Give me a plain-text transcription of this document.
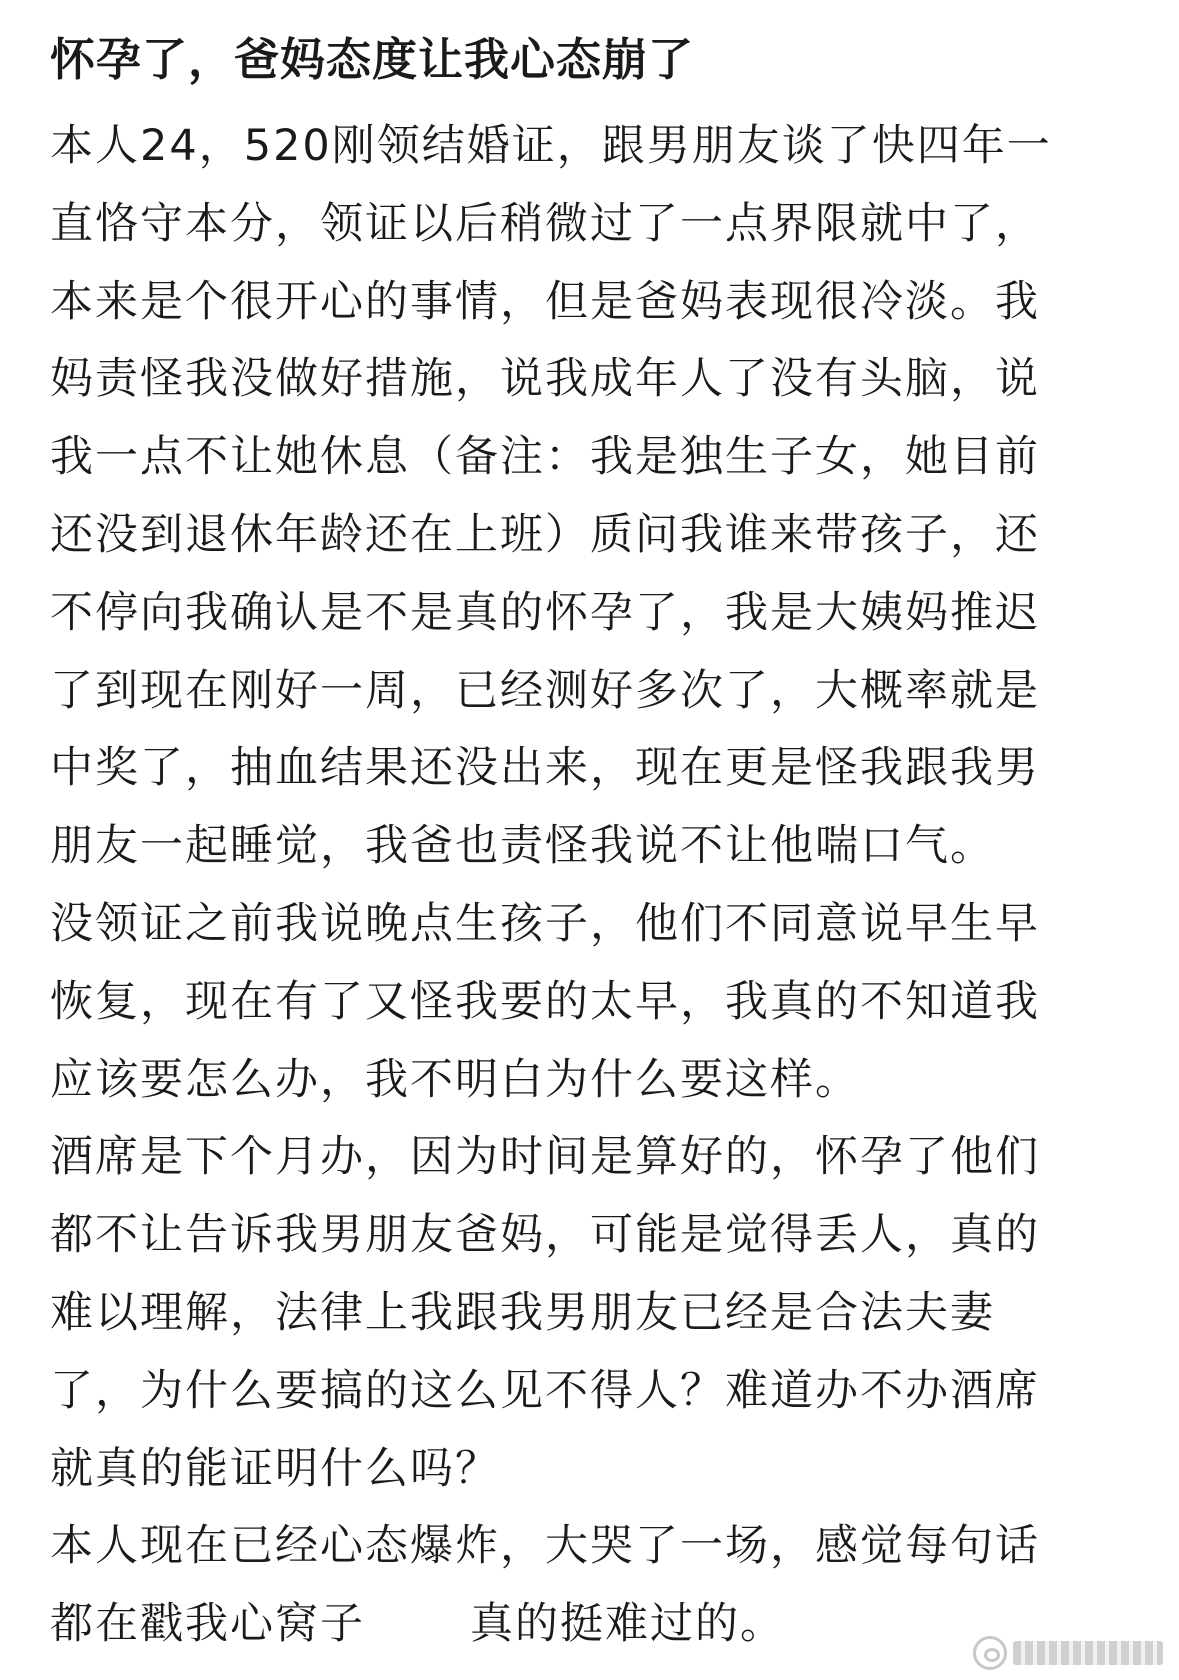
怀孕了，爸妈态度让我心态崩了
本人24，520刚领结婚证，跟男朋友谈了快四年一
直恪守本分，领证以后稍微过了一点界限就中了，
本来是个很开心的事情，但是爸妈表现很冷淡。我
妈责怪我没做好措施，说我成年人了没有头脑，说
我一点不让她休息（备注：我是独生子女，她目前
还没到退休年龄还在上班）质问我谁来带孩子，还
不停向我确认是不是真的怀孕了，我是大姨妈推迟
了到现在刚好一周，已经测好多次了，大概率就是
中奖了，抽血结果还没出来，现在更是怪我跟我男
朋友一起睡觉，我爸也责怪我说不让他喘口气。
没领证之前我说晚点生孩子，他们不同意说早生早
恢复，现在有了又怪我要的太早，我真的不知道我
应该要怎么办，我不明白为什么要这样。
酒席是下个月办，因为时间是算好的，怀孕了他们
都不让告诉我男朋友爸妈，可能是觉得丢人，真的
难以理解，法律上我跟我男朋友已经是合法夫妻
了，为什么要搞的这么见不得人？难道办不办酒席
就真的能证明什么吗？
本人现在已经心态爆炸，大哭了一场，感觉每句话
都在戳我心窝子 真的挺难过的。
